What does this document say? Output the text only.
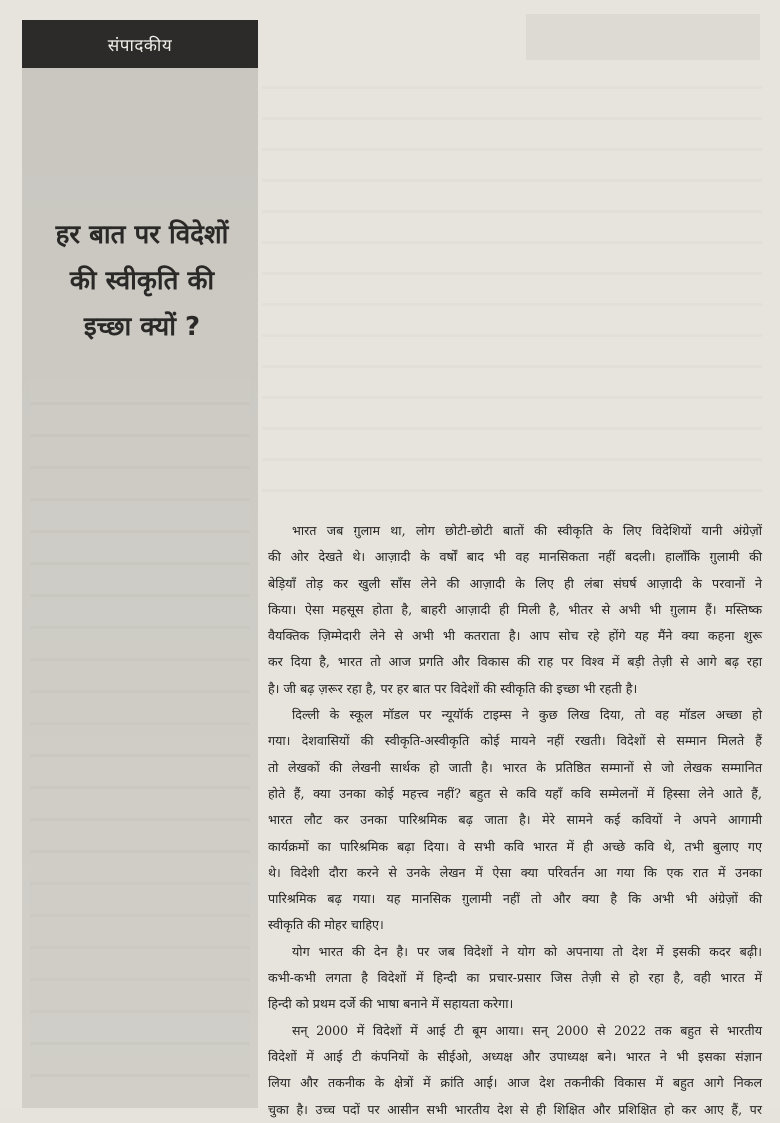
संपादकीय
हर बात पर विदेशों
की स्वीकृति की
इच्छा क्यों ?

भारत जब ग़ुलाम था, लोग छोटी-छोटी बातों की स्वीकृति के लिए विदेशियों यानी अंग्रेज़ों
की ओर देखते थे। आज़ादी के वर्षों बाद भी वह मानसिकता नहीं बदली। हालाँकि ग़ुलामी की
बेड़ियाँ तोड़ कर खुली साँस लेने की आज़ादी के लिए ही लंबा संघर्ष आज़ादी के परवानों ने
किया। ऐसा महसूस होता है, बाहरी आज़ादी ही मिली है, भीतर से अभी भी ग़ुलाम हैं। मस्तिष्क
वैयक्तिक ज़िम्मेदारी लेने से अभी भी कतराता है। आप सोच रहे होंगे यह मैंने क्या कहना शुरू
कर दिया है, भारत तो आज प्रगति और विकास की राह पर विश्व में बड़ी तेज़ी से आगे बढ़ रहा
है। जी बढ़ ज़रूर रहा है, पर हर बात पर विदेशों की स्वीकृति की इच्छा भी रहती है।

दिल्ली के स्कूल मॉडल पर न्यूयॉर्क टाइम्स ने कुछ लिख दिया, तो वह मॉडल अच्छा हो
गया। देशवासियों की स्वीकृति-अस्वीकृति कोई मायने नहीं रखती। विदेशों से सम्मान मिलते हैं
तो लेखकों की लेखनी सार्थक हो जाती है। भारत के प्रतिष्ठित सम्मानों से जो लेखक सम्मानित
होते हैं, क्या उनका कोई महत्त्व नहीं? बहुत से कवि यहाँ कवि सम्मेलनों में हिस्सा लेने आते हैं,
भारत लौट कर उनका पारिश्रमिक बढ़ जाता है। मेरे सामने कई कवियों ने अपने आगामी
कार्यक्रमों का पारिश्रमिक बढ़ा दिया। वे सभी कवि भारत में ही अच्छे कवि थे, तभी बुलाए गए
थे। विदेशी दौरा करने से उनके लेखन में ऐसा क्या परिवर्तन आ गया कि एक रात में उनका
पारिश्रमिक बढ़ गया। यह मानसिक ग़ुलामी नहीं तो और क्या है कि अभी भी अंग्रेज़ों की
स्वीकृति की मोहर चाहिए।

योग भारत की देन है। पर जब विदेशों ने योग को अपनाया तो देश में इसकी कदर बढ़ी।
कभी-कभी लगता है विदेशों में हिन्दी का प्रचार-प्रसार जिस तेज़ी से हो रहा है, वही भारत में
हिन्दी को प्रथम दर्जे की भाषा बनाने में सहायता करेगा।

सन् 2000 में विदेशों में आई टी बूम आया। सन् 2000 से 2022 तक बहुत से भारतीय
विदेशों में आई टी कंपनियों के सीईओ, अध्यक्ष और उपाध्यक्ष बने। भारत ने भी इसका संज्ञान
लिया और तकनीक के क्षेत्रों में क्रांति आई। आज देश तकनीकी विकास में बहुत आगे निकल
चुका है। उच्च पदों पर आसीन सभी भारतीय देश से ही शिक्षित और प्रशिक्षित हो कर आए हैं, पर
